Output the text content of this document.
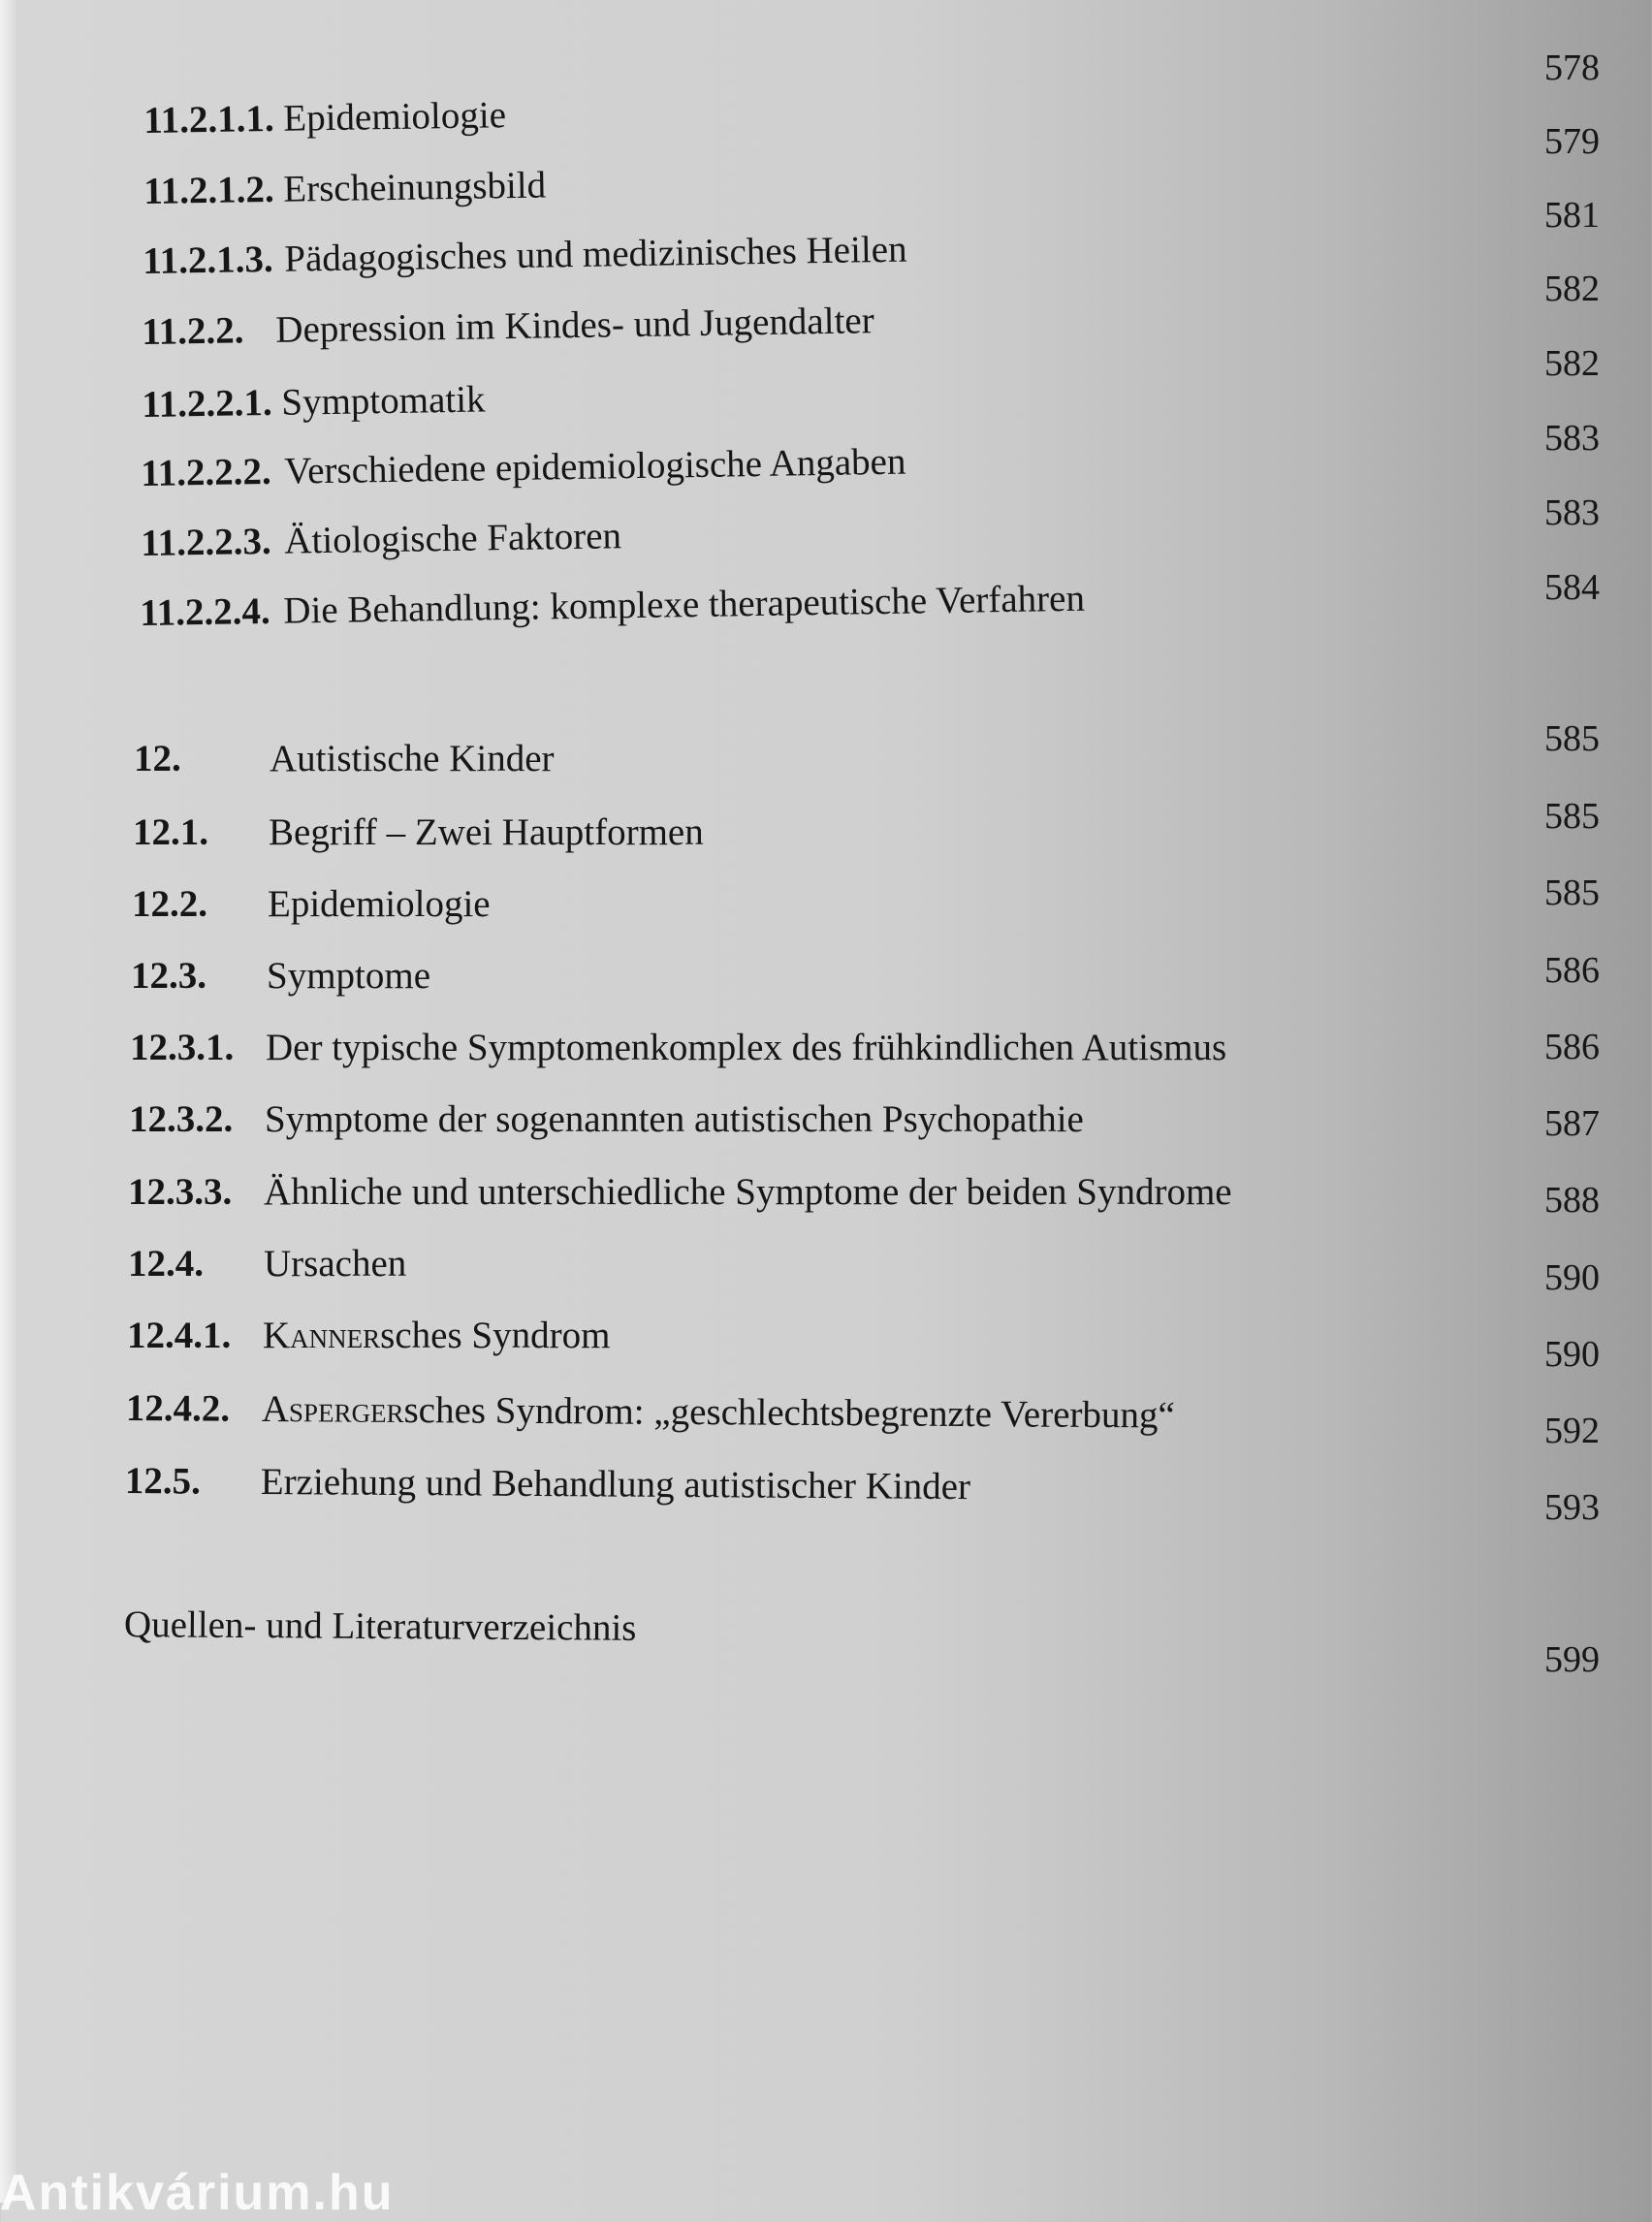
11.2.1.1. Epidemiologie
11.2.1.2. Erscheinungsbild
11.2.1.3. Pädagogisches und medizinisches Heilen
11.2.2. Depression im Kindes- und Jugendalter
11.2.2.1. Symptomatik
11.2.2.2. Verschiedene epidemiologische Angaben
11.2.2.3. Ätiologische Faktoren
11.2.2.4. Die Behandlung: komplexe therapeutische Verfahren
12. Autistische Kinder
12.1. Begriff – Zwei Hauptformen
12.2. Epidemiologie
12.3. Symptome
12.3.1. Der typische Symptomenkomplex des frühkindlichen Autismus
12.3.2. Symptome der sogenannten autistischen Psychopathie
12.3.3. Ähnliche und unterschiedliche Symptome der beiden Syndrome
12.4. Ursachen
12.4.1. Kannersches Syndrom
12.4.2. Aspergersches Syndrom: „geschlechtsbegrenzte Vererbung“
12.5. Erziehung und Behandlung autistischer Kinder
Quellen- und Literaturverzeichnis
578
579
581
582
582
583
583
584
585
585
585
586
586
587
588
590
590
592
593
599
Antikvárium.hu
